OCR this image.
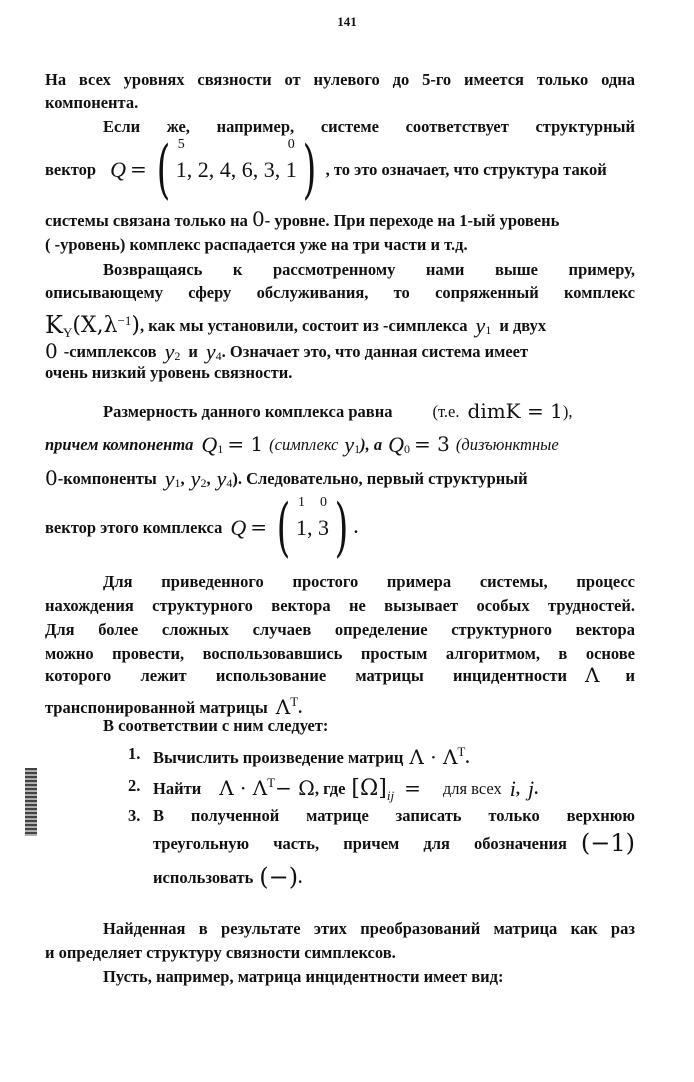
141
На всех уровнях связности от нулевого до 5-го имеется только одна
компонента.
Если же, например, системе соответствует структурный
вектор Q = ( 5	0
1, 2, 4, 6, 3, 1 ) , то это означает, что структура такой
системы связана только на 0- уровне. При переходе на 1-ый уровень
( -уровень) комплекс распадается уже на три части и т.д.
Возвращаясь к рассмотренному нами выше примеру,
описывающему сферу обслуживания, то сопряженный комплекс
$K_Y$ ($X,\lambda^{-1}$ ) , как мы установили, состоит из -симплекса $y_1$ и двух
0 -симплексов $y_2$ и $y_4$ . Означает это, что данная система имеет
очень низкий уровень связности.
Размерность данного комплекса равна (т.е. dimK = 1 ),
причем компонента $Q_1 = 1$ (симплекс $y_1$ ), а $Q_0 = 3$ (дизъюнктные
0 -компоненты $y_1$ , $y_2$ , $y_4$ ). Следовательно, первый структурный
вектор этого комплекса Q = ( 1 0
1, 3 ) .
Для приведенного простого примера системы, процесс
нахождения структурного вектора не вызывает особых трудностей.
Для более сложных случаев определение структурного вектора
можно провести, воспользовавшись простым алгоритмом, в основе
которого лежит использование матрицы инцидентности Λ и
транспонированной матрицы $\Lambda^T$ .
В соответствии с ним следует:
1. Вычислить произведение матриц $\Lambda \cdot \Lambda^T$ .
2. Найти $\Lambda \cdot \Lambda^T - \Omega$ , где $[\Omega]_{ij}$ = для всех i , j .
3. В полученной матрице записать только верхнюю
треугольную часть, причем для обозначения (−1)
использовать (−) .
Найденная в результате этих преобразований матрица как раз
и определяет структуру связности симплексов.
Пусть, например, матрица инцидентности имеет вид:
